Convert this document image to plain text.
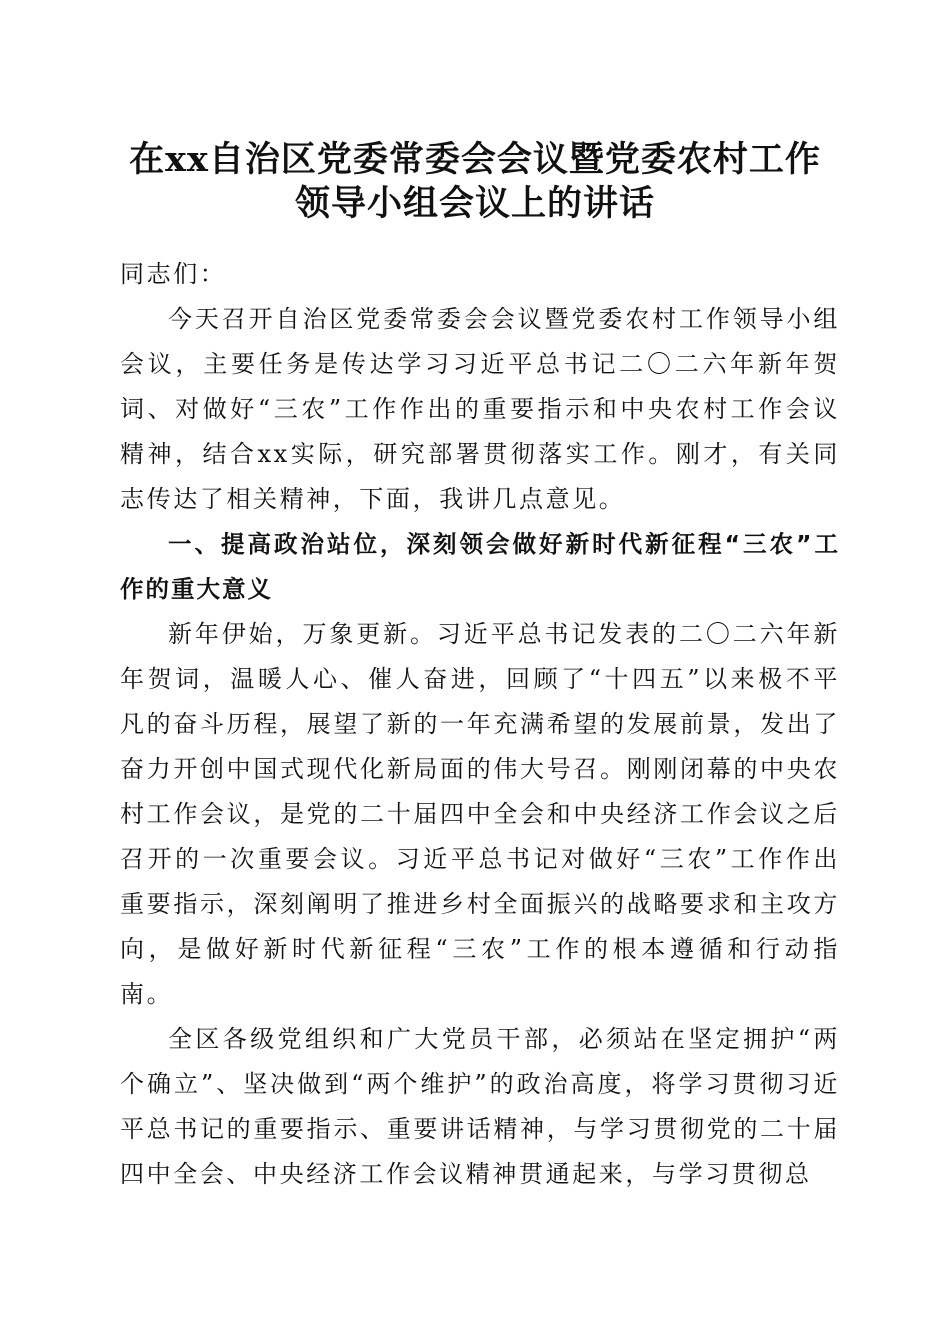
在xx自治区党委常委会会议暨党委农村工作
领导小组会议上的讲话

同志们：

今天召开自治区党委常委会会议暨党委农村工作领导小组会议，主要任务是传达学习习近平总书记二〇二六年新年贺词、对做好“三农”工作作出的重要指示和中央农村工作会议精神，结合xx实际，研究部署贯彻落实工作。刚才，有关同志传达了相关精神，下面，我讲几点意见。

一、提高政治站位，深刻领会做好新时代新征程“三农”工作的重大意义

新年伊始，万象更新。习近平总书记发表的二〇二六年新年贺词，温暖人心、催人奋进，回顾了“十四五”以来极不平凡的奋斗历程，展望了新的一年充满希望的发展前景，发出了奋力开创中国式现代化新局面的伟大号召。刚刚闭幕的中央农村工作会议，是党的二十届四中全会和中央经济工作会议之后召开的一次重要会议。习近平总书记对做好“三农”工作作出重要指示，深刻阐明了推进乡村全面振兴的战略要求和主攻方向，是做好新时代新征程“三农”工作的根本遵循和行动指南。

全区各级党组织和广大党员干部，必须站在坚定拥护“两个确立”、坚决做到“两个维护”的政治高度，将学习贯彻习近平总书记的重要指示、重要讲话精神，与学习贯彻党的二十届四中全会、中央经济工作会议精神贯通起来，与学习贯彻总
